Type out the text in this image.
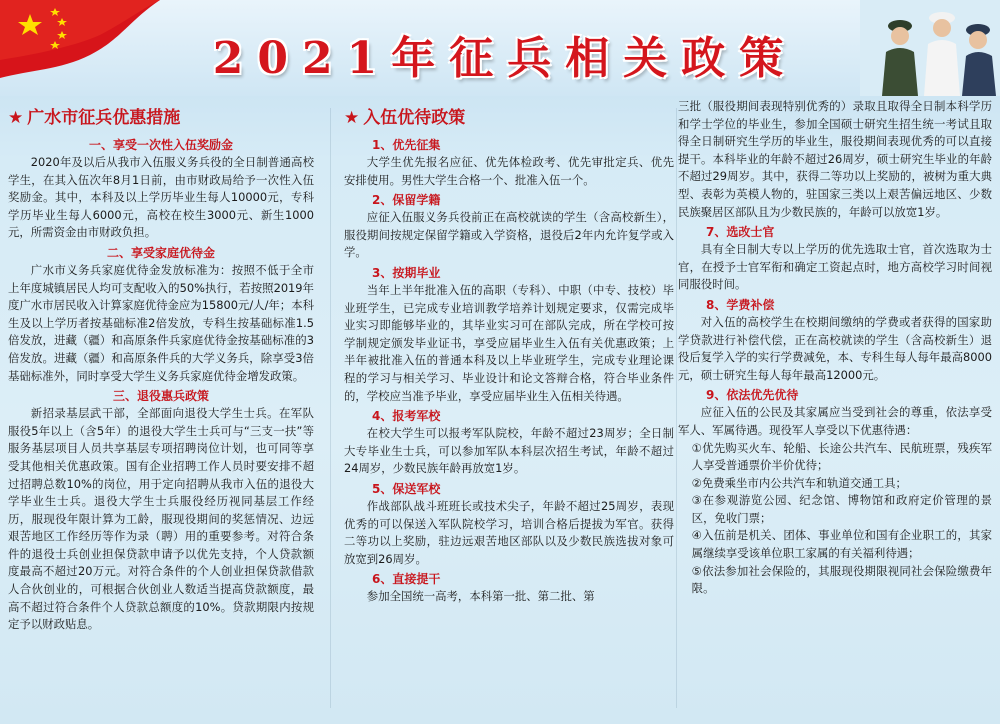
2021年征兵相关政策
★ 广水市征兵优惠措施
一、享受一次性入伍奖励金

2020年及以后从我市入伍服义务兵役的全日制普通高校学生，在其入伍次年8月1日前，由市财政局给予一次性入伍奖励金。其中，本科及以上学历毕业生每人10000元，专科学历毕业生每人6000元，高校在校生3000元、新生1000元，所需资金由市财政负担。

二、享受家庭优待金

广水市义务兵家庭优待金发放标准为：按照不低于全市上年度城镇居民人均可支配收入的50%执行，若按照2019年度广水市居民收入计算家庭优待金应为15800元/人/年；本科生及以上学历者按基础标准2倍发放，专科生按基础标准1.5倍发放，进藏（疆）和高原条件兵家庭优待金按基础标准的3倍发放。进藏（疆）和高原条件兵的大学义务兵，除享受3倍基础标准外，同时享受大学生义务兵家庭优待金增发政策。

三、退役惠兵政策

新招录基层武干部，全部面向退役大学生士兵。在军队服役5年以上（含5年）的退役大学生士兵可与“三支一扶”等服务基层项目人员共享基层专项招聘岗位计划，也可同等享受其他相关优惠政策。国有企业招聘工作人员时要安排不超过招聘总数10%的岗位，用于定向招聘从我市入伍的退役大学毕业生士兵。退役大学生士兵服役经历视同基层工作经历，服现役年限计算为工龄，服现役期间的奖惩情况、边远艰苦地区工作经历等作为录（聘）用的重要参考。对符合条件的退役士兵创业担保贷款申请予以优先支持，个人贷款额度最高不超过20万元。对符合条件的个人创业担保贷款借款人合伙创业的，可根据合伙创业人数适当提高贷款额度，最高不超过符合条件个人贷款总额度的10%。贷款期限内按规定予以财政贴息。

★ 入伍优待政策
1、优先征集

大学生优先报名应征、优先体检政考、优先审批定兵、优先安排使用。男性大学生合格一个、批准入伍一个。

2、保留学籍

应征入伍服义务兵役前正在高校就读的学生（含高校新生），服役期间按规定保留学籍或入学资格，退役后2年内允许复学或入学。

3、按期毕业

当年上半年批准入伍的高职（专科）、中职（中专、技校）毕业班学生，已完成专业培训教学培养计划规定要求，仅需完成毕业实习即能够毕业的，其毕业实习可在部队完成，所在学校可按学制规定颁发毕业证书，享受应届毕业生入伍有关优惠政策；上半年被批准入伍的普通本科及以上毕业班学生，完成专业理论课程的学习与相关学习、毕业设计和论文答辩合格，符合毕业条件的，学校应当准予毕业，享受应届毕业生入伍相关待遇。

4、报考军校

在校大学生可以报考军队院校，年龄不超过23周岁；全日制大专毕业生士兵，可以参加军队本科层次招生考试，年龄不超过24周岁，少数民族年龄再放宽1岁。

5、保送军校

作战部队战斗班班长或技术尖子，年龄不超过25周岁，表现优秀的可以保送入军队院校学习，培训合格后提拔为军官。获得二等功以上奖励，驻边远艰苦地区部队以及少数民族选拔对象可放宽到26周岁。

6、直接提干

参加全国统一高考，本科第一批、第二批、第

三批（服役期间表现特别优秀的）录取且取得全日制本科学历和学士学位的毕业生，参加全国硕士研究生招生统一考试且取得全日制研究生学历的毕业生，服役期间表现优秀的可以直接提干。本科毕业的年龄不超过26周岁，硕士研究生毕业的年龄不超过29周岁。其中，获得二等功以上奖励的，被树为重大典型、表彰为英模人物的，驻国家三类以上艰苦偏远地区、少数民族聚居区部队且为少数民族的，年龄可以放宽1岁。

7、选改士官

具有全日制大专以上学历的优先选取士官，首次选取为士官，在授予士官军衔和确定工资起点时，地方高校学习时间视同服役时间。

8、学费补偿

对入伍的高校学生在校期间缴纳的学费或者获得的国家助学贷款进行补偿代偿，正在高校就读的学生（含高校新生）退役后复学入学的实行学费减免，本、专科生每人每年最高8000元，硕士研究生每人每年最高12000元。

9、依法优先优待

应征入伍的公民及其家属应当受到社会的尊重，依法享受军人、军属待遇。现役军人享受以下优惠待遇：

①优先购买火车、轮船、长途公共汽车、民航班票，残疾军人享受普通票价半价优待；

②免费乘坐市内公共汽车和轨道交通工具；

③在参观游览公园、纪念馆、博物馆和政府定价管理的景区，免收门票；

④入伍前是机关、团体、事业单位和国有企业职工的，其家属继续享受该单位职工家属的有关福利待遇；

⑤依法参加社会保险的，其服现役期限视同社会保险缴费年限。
